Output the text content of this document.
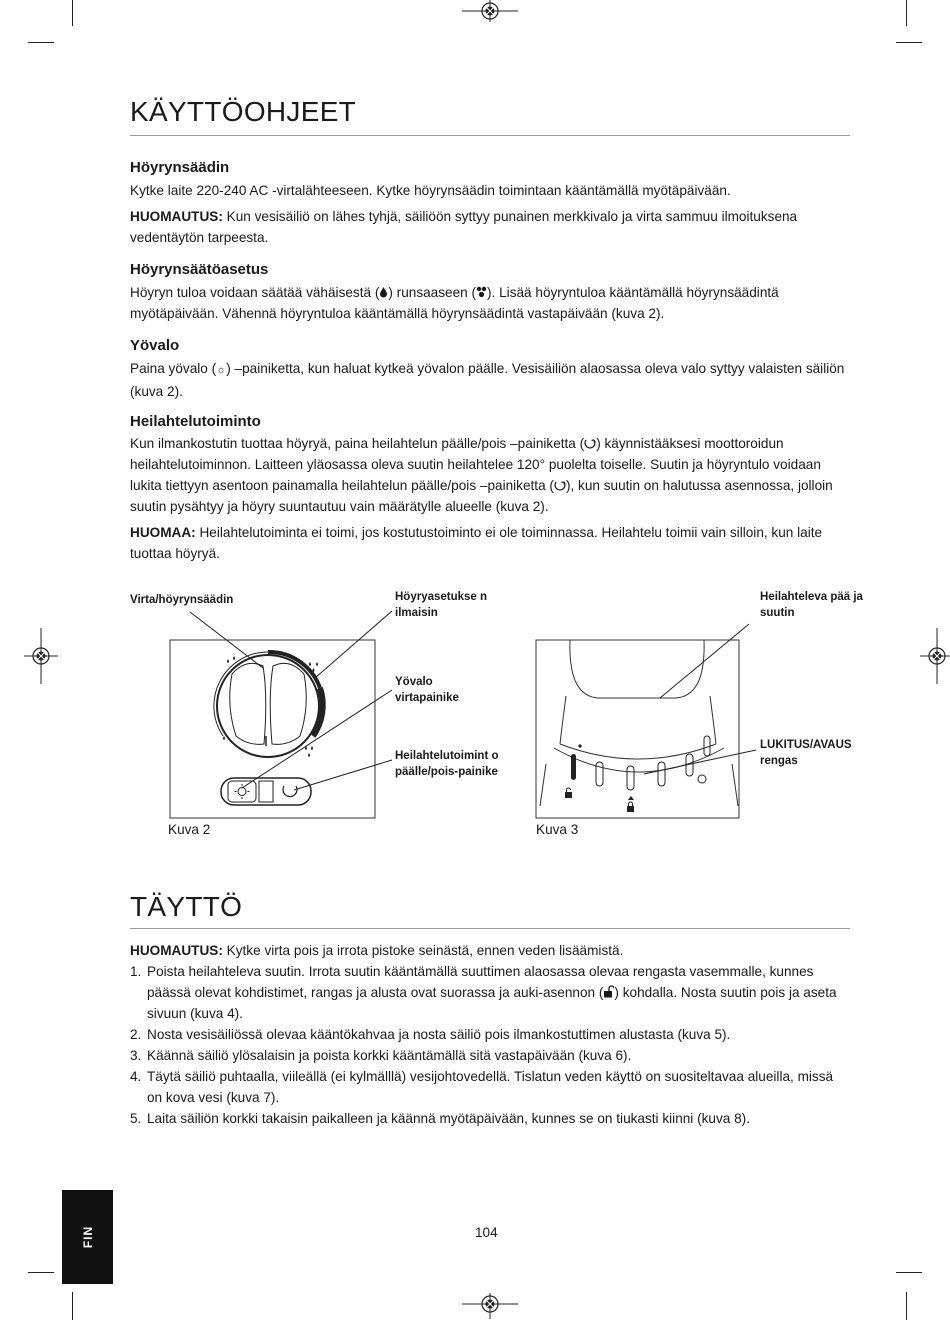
KÄYTTÖOHJEET
Höyrynsäädin

Kytke laite 220-240 AC -virtalähteeseen. Kytke höyrynsäädin toimintaan kääntämällä myötäpäivään.

HUOMAUTUS: Kun vesisäiliö on lähes tyhjä, säiliöön syttyy punainen merkkivalo ja virta sammuu ilmoituksena vedentäytön tarpeesta.

Höyrynsäätöasetus

Höyryn tuloa voidaan säätää vähäisestä ( ) runsaaseen ( ). Lisää höyryntuloa kääntämällä höyrynsäädintä myötäpäivään. Vähennä höyryntuloa kääntämällä höyrynsäädintä vastapäivään (kuva 2).

Yövalo

Paina yövalo (☼) –painiketta, kun haluat kytkeä yövalon päälle. Vesisäiliön alaosassa oleva valo syttyy valaisten säiliön (kuva 2).

Heilahtelutoiminto

Kun ilmankostutin tuottaa höyryä, paina heilahtelun päälle/pois –painiketta ( ) käynnistääksesi moottoroidun heilahtelutoiminnon. Laitteen yläosassa oleva suutin heilahtelee 120° puolelta toiselle. Suutin ja höyryntulo voidaan lukita tiettyyn asentoon painamalla heilahtelun päälle/pois –painiketta ( ), kun suutin on halutussa asennossa, jolloin suutin pysähtyy ja höyry suuntautuu vain määrätylle alueelle (kuva 2).

HUOMAA: Heilahtelutoiminta ei toimi, jos kostutustoiminto ei ole toiminnassa. Heilahtelu toimii vain silloin, kun laite tuottaa höyryä.

Virta/höyrynsäädin	Höyryasetukse n ilmaisin
Yövalo virtapainike
Heilahtelutoimint o päälle/pois-painike
Kuva 2
Heilahteleva pää ja suutin
LUKITUS/AVAUS rengas
Kuva 3
TÄYTTÖ

HUOMAUTUS: Kytke virta pois ja irrota pistoke seinästä, ennen veden lisäämistä.

1. Poista heilahteleva suutin. Irrota suutin kääntämällä suuttimen alaosassa olevaa rengasta vasemmalle, kunnes päässä olevat kohdistimet, rangas ja alusta ovat suorassa ja auki-asennon ( ) kohdalla. Nosta suutin pois ja aseta sivuun (kuva 4).
2. Nosta vesisäiliössä olevaa kääntökahvaa ja nosta säiliö pois ilmankostuttimen alustasta (kuva 5).
3. Käännä säiliö ylösalaisin ja poista korkki kääntämällä sitä vastapäivään (kuva 6).
4. Täytä säiliö puhtaalla, viileällä (ei kylmälllä) vesijohtovedellä. Tislatun veden käyttö on suositeltavaa alueilla, missä on kova vesi (kuva 7).
5. Laita säiliön korkki takaisin paikalleen ja käännä myötäpäivään, kunnes se on tiukasti kiinni (kuva 8).
FIN	104
